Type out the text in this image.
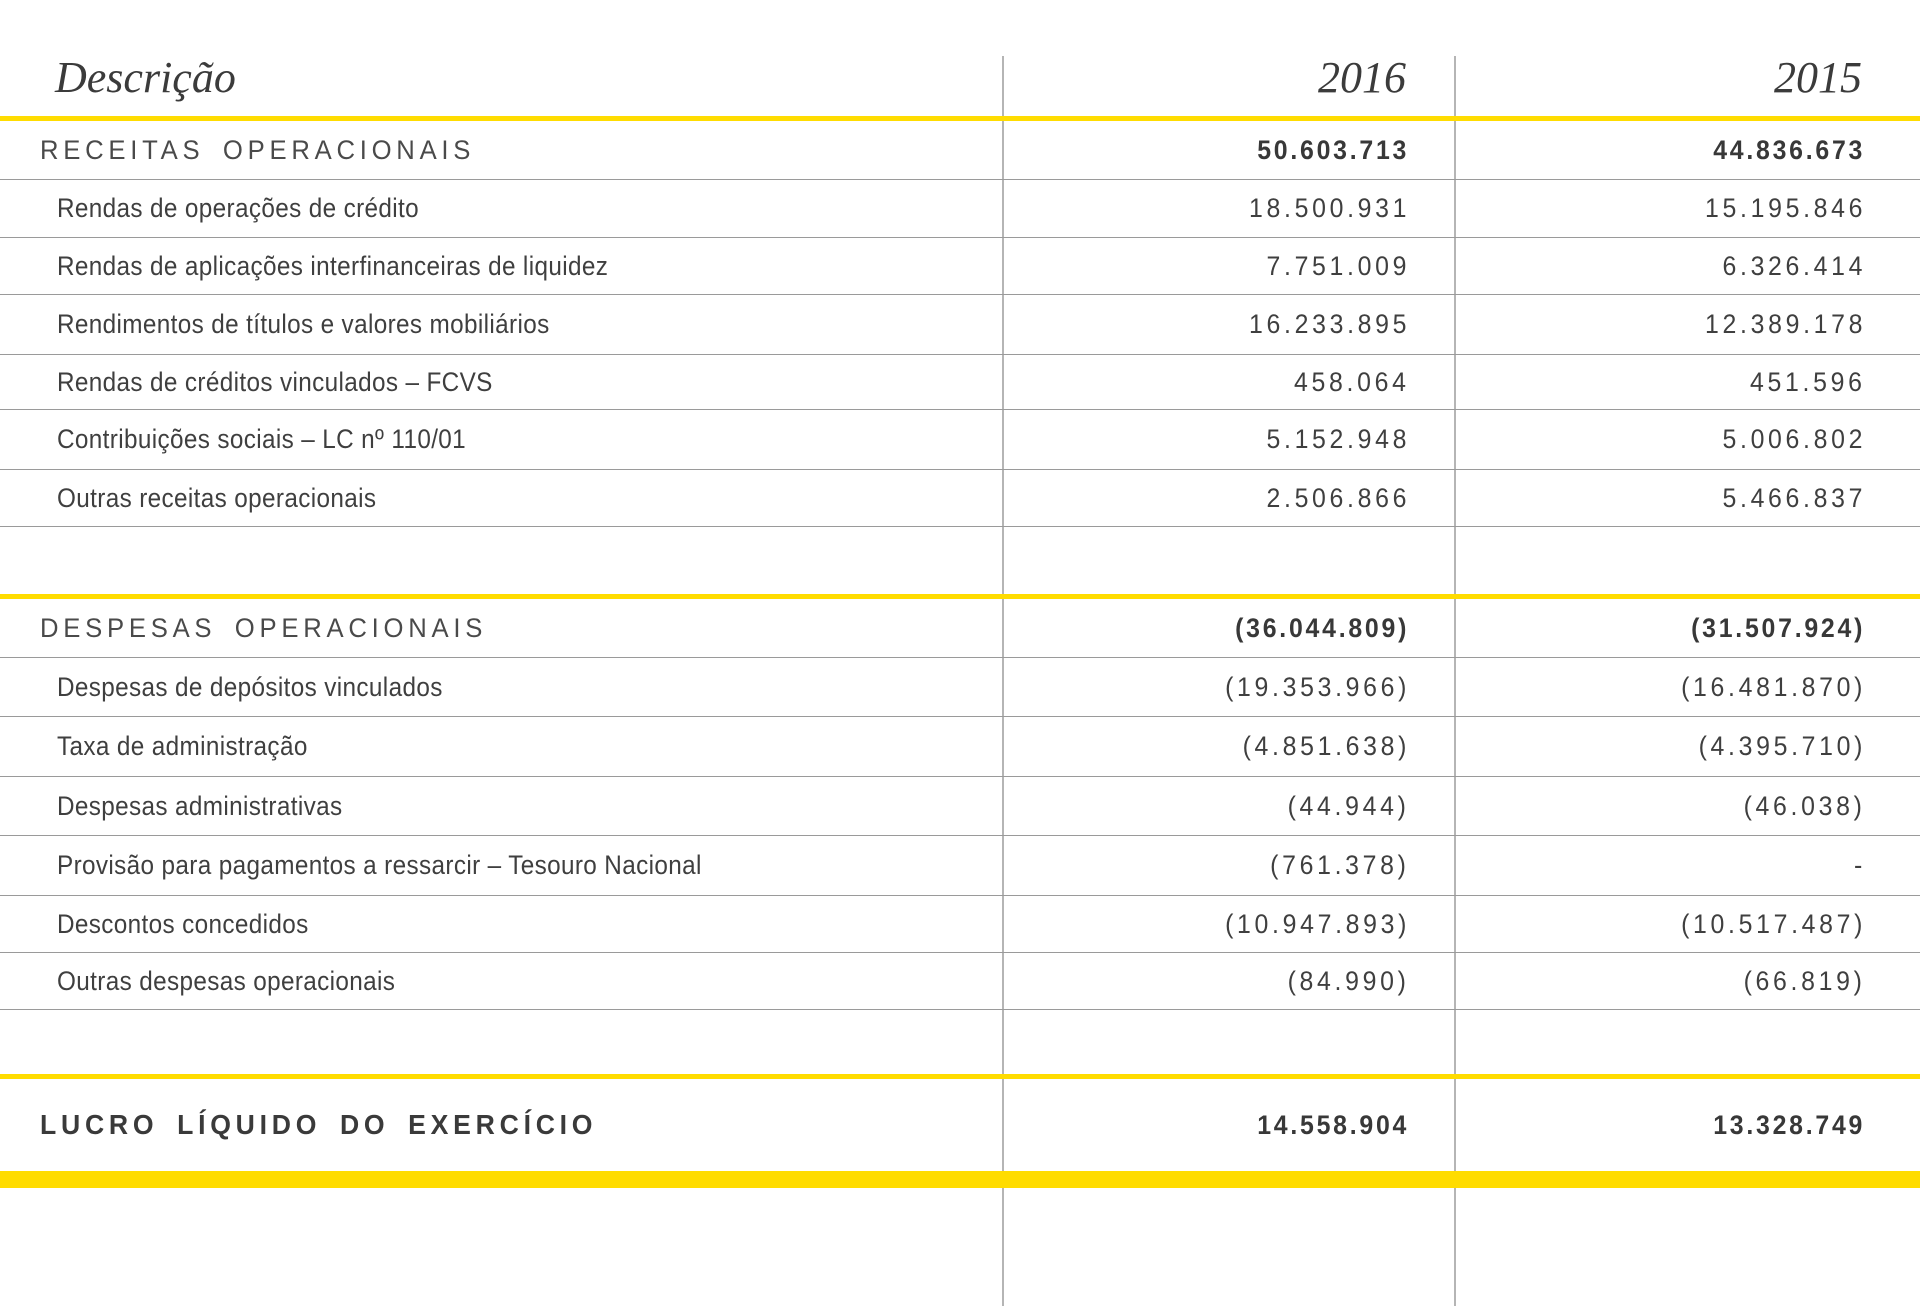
Descrição	2016	2015
RECEITAS OPERACIONAIS	50.603.713	44.836.673
Rendas de operações de crédito	18.500.931	15.195.846
Rendas de aplicações interfinanceiras de liquidez	7.751.009	6.326.414
Rendimentos de títulos e valores mobiliários	16.233.895	12.389.178
Rendas de créditos vinculados – FCVS	458.064	451.596
Contribuições sociais – LC nº 110/01	5.152.948	5.006.802
Outras receitas operacionais	2.506.866	5.466.837
DESPESAS OPERACIONAIS	(36.044.809)	(31.507.924)
Despesas de depósitos vinculados	(19.353.966)	(16.481.870)
Taxa de administração	(4.851.638)	(4.395.710)
Despesas administrativas	(44.944)	(46.038)
Provisão para pagamentos a ressarcir – Tesouro Nacional	(761.378)	-
Descontos concedidos	(10.947.893)	(10.517.487)
Outras despesas operacionais	(84.990)	(66.819)
LUCRO LÍQUIDO DO EXERCÍCIO	14.558.904	13.328.749
